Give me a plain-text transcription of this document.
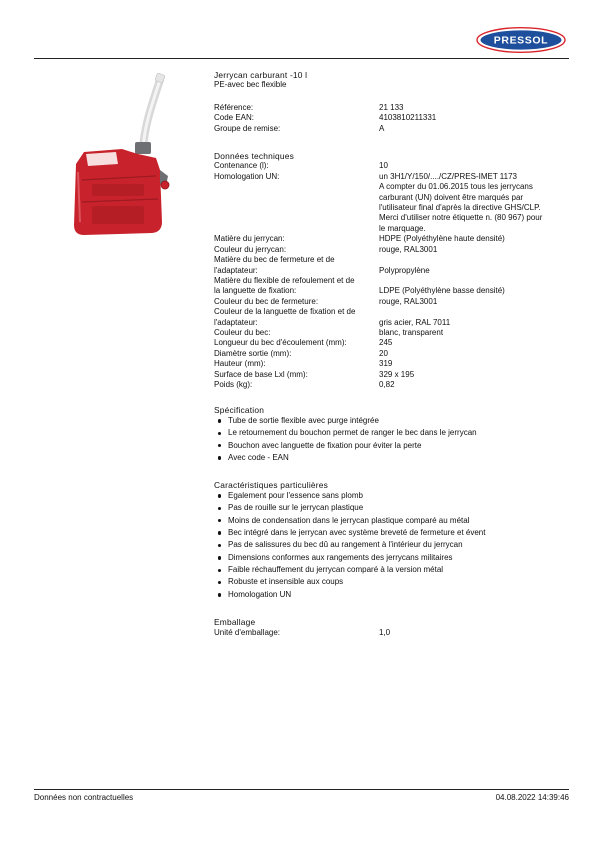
PRESSOL
Jerrycan carburant -10 l
PE-avec bec flexible
Référence:	21 133
Code EAN:	4103810211331
Groupe de remise:	A
Données techniques
Contenance (l):	10
Homologation UN:	un 3H1/Y/150/..../CZ/PRES-IMET 1173
A compter du 01.06.2015 tous les jerrycans
carburant (UN) doivent être marqués par
l'utilisateur final d'après la directive GHS/CLP.
Merci d'utiliser notre étiquette n. (80 967) pour
le marquage.
Matière du jerrycan:	HDPE (Polyéthylène haute densité)
Couleur du jerrycan:	rouge, RAL3001
Matière du bec de fermeture et de
l'adaptateur:
	Polypropylène
Matière du flexible de refoulement et de
la languette de fixation:
	LDPE (Polyéthylène basse densité)
Couleur du bec de fermeture:	rouge, RAL3001
Couleur de la languette de fixation et de
l'adaptateur:
	gris acier, RAL 7011
Couleur du bec:	blanc, transparent
Longueur du bec d'écoulement (mm):	245
Diamètre sortie (mm):	20
Hauteur (mm):	319
Surface de base Lxl (mm):	329 x 195
Poids (kg):	0,82
Spécification
Tube de sortie flexible avec purge intégrée
Le retournement du bouchon permet de ranger le bec dans le jerrycan
Bouchon avec languette de fixation pour éviter la perte
Avec code - EAN
Caractéristiques particulières
Egalement pour l'essence sans plomb
Pas de rouille sur le jerrycan plastique
Moins de condensation dans le jerrycan plastique comparé au métal
Bec intégré dans le jerrycan avec système breveté de fermeture et évent
Pas de salissures du bec dû au rangement à l'intérieur du jerrycan
Dimensions conformes aux rangements des jerrycans militaires
Faible réchauffement du jerrycan comparé à la version métal
Robuste et insensible aux coups
Homologation UN
Emballage
Unité d'emballage:	1,0
Données non contractuelles	04.08.2022 14:39:46
